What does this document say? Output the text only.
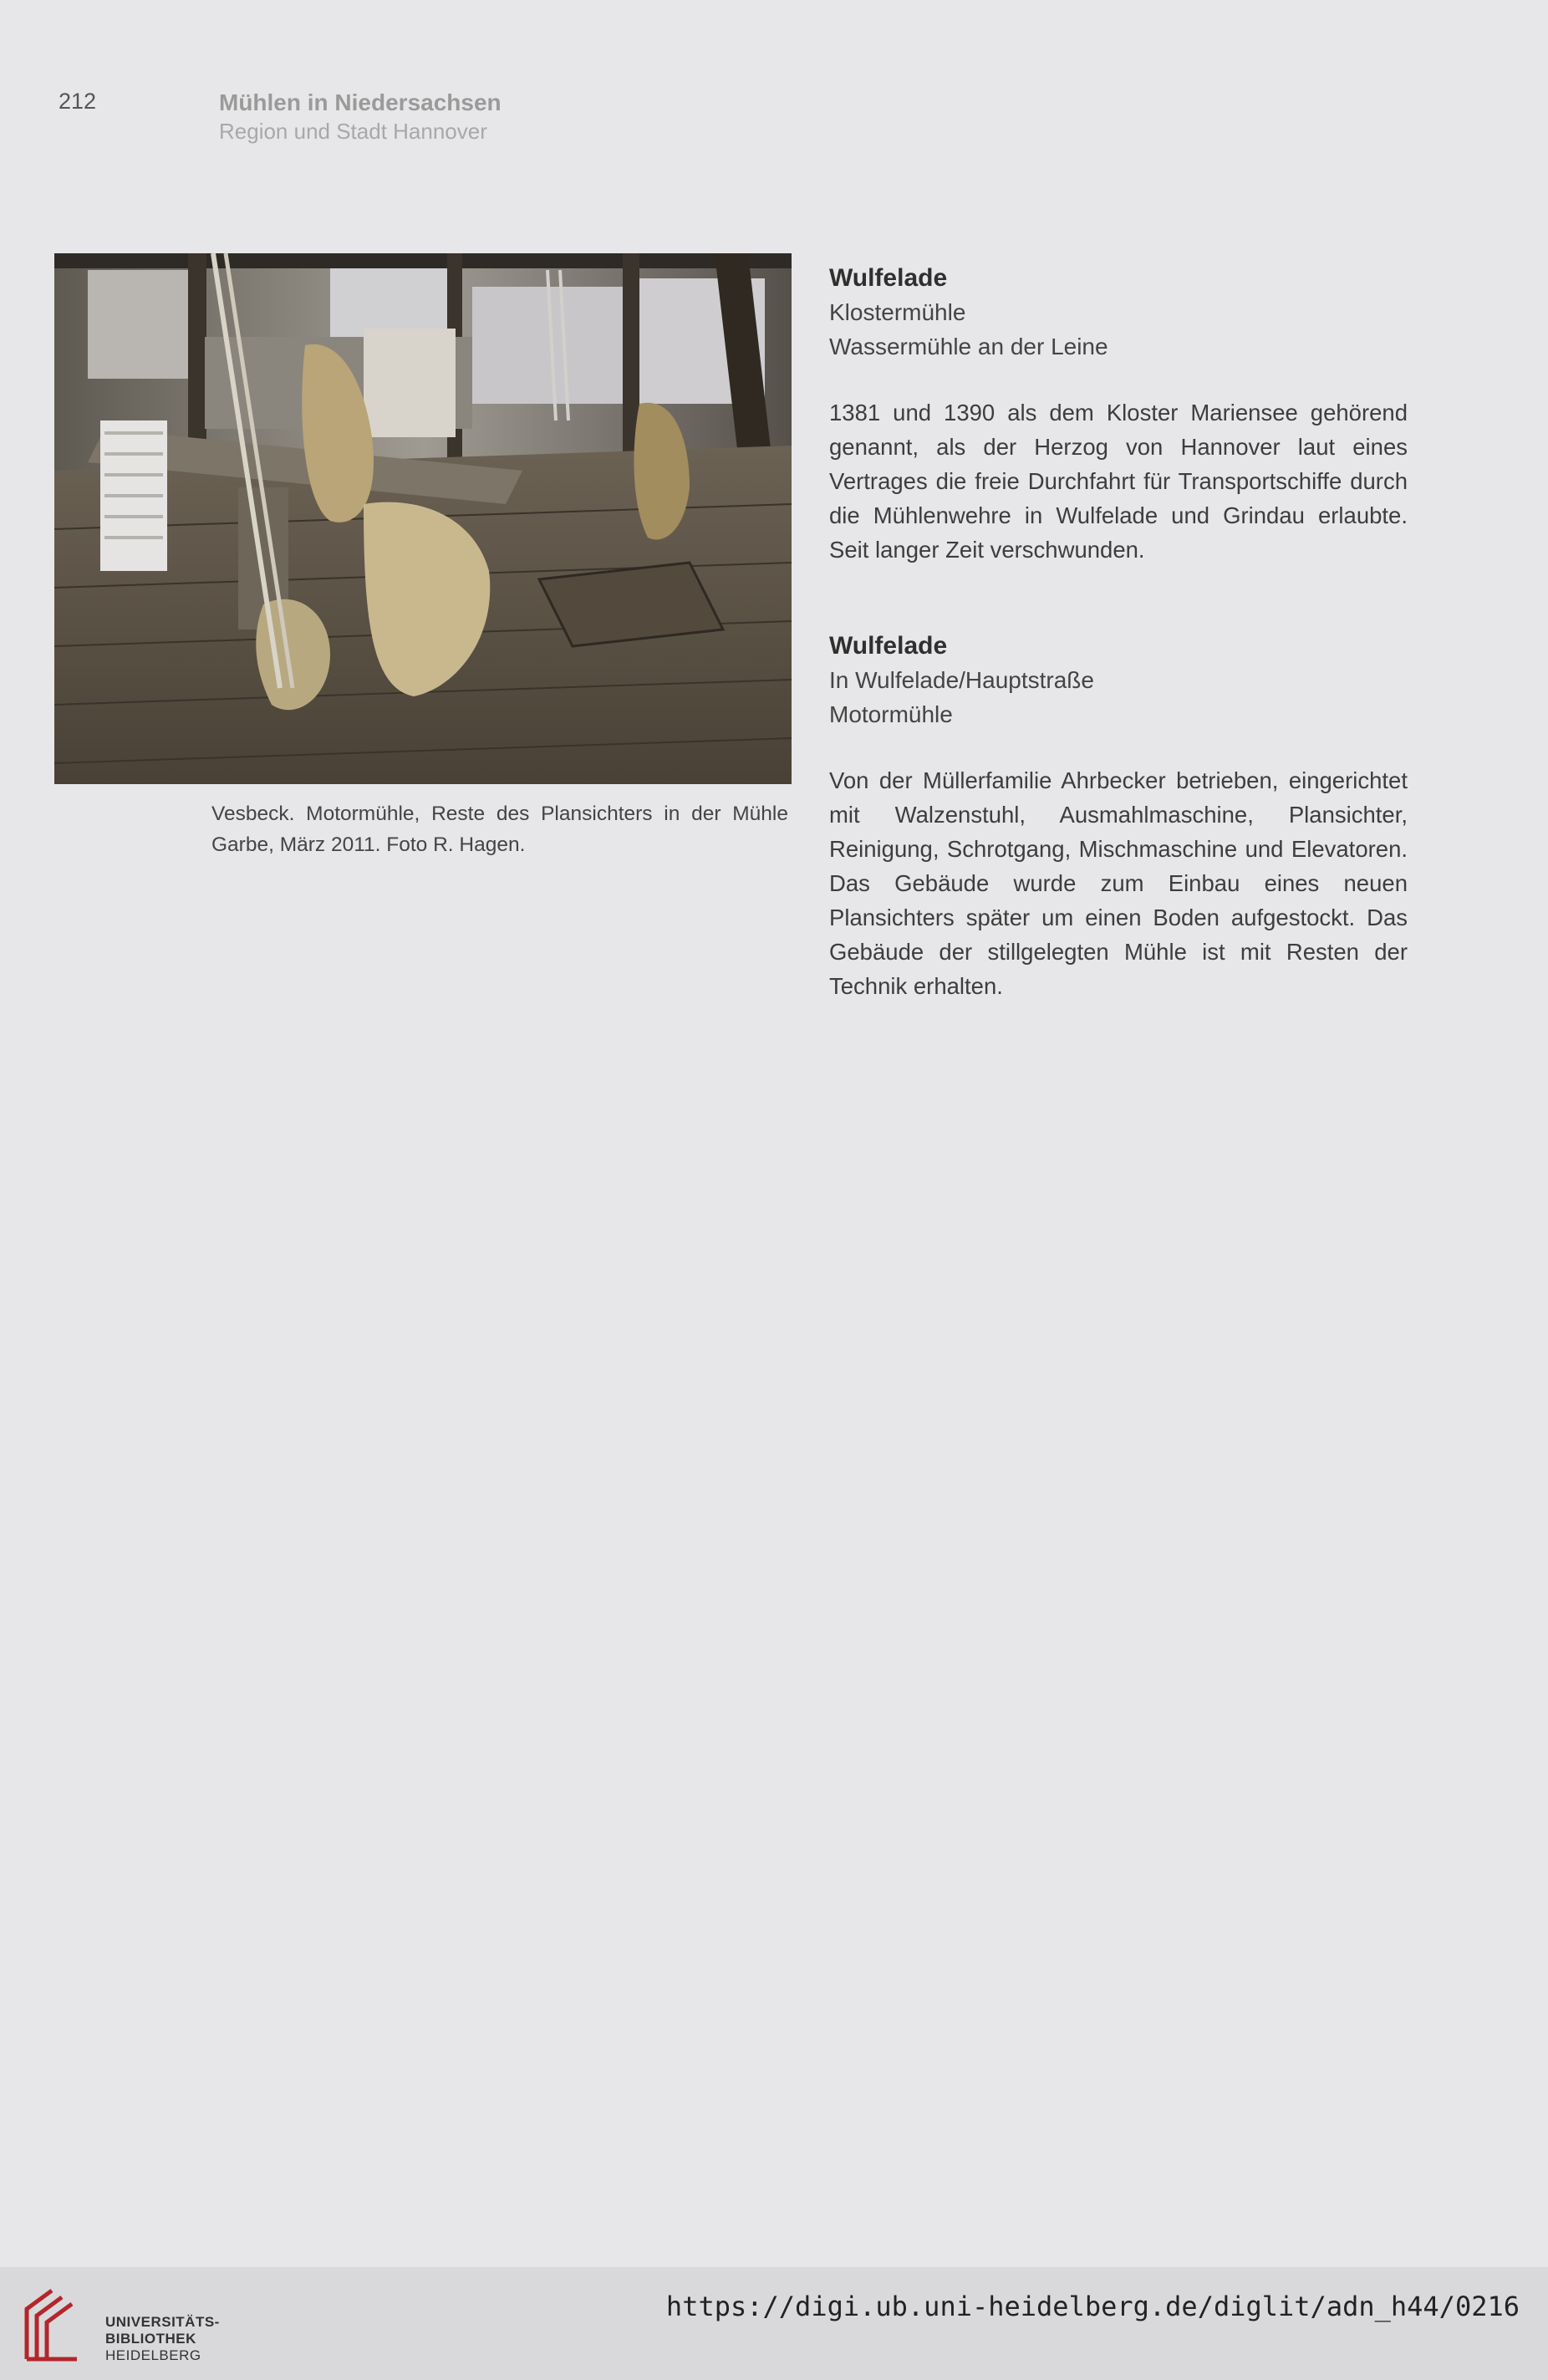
212	Mühlen in Niedersachsen
Region und Stadt Hannover
Vesbeck. Motormühle, Reste des Plansichters in der Mühle Garbe, März 2011. Foto R. Hagen.
Wulfelade
Klostermühle
Wassermühle an der Leine
1381 und 1390 als dem Kloster Mariensee gehörend genannt, als der Herzog von Hannover laut eines Vertrages die freie Durchfahrt für Transportschiffe durch die Mühlenwehre in Wulfelade und Grindau erlaubte. Seit langer Zeit verschwunden.
Wulfelade
In Wulfelade/Hauptstraße
Motormühle
Von der Müllerfamilie Ahrbecker betrieben, eingerichtet mit Walzenstuhl, Ausmahlmaschine, Plansichter, Reinigung, Schrotgang, Mischmaschine und Elevatoren. Das Gebäude wurde zum Einbau eines neuen Plansichters später um einen Boden aufgestockt. Das Gebäude der stillgelegten Mühle ist mit Resten der Technik erhalten.
UNIVERSITÄTS-
BIBLIOTHEK
HEIDELBERG
https://digi.ub.uni-heidelberg.de/diglit/adn_h44/0216
